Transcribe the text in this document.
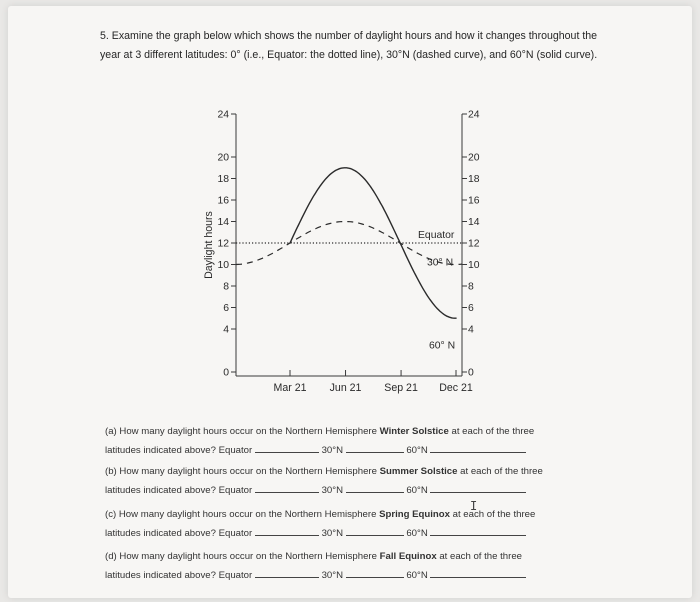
5. Examine the graph below which shows the number of daylight hours and how it changes throughout the year at 3 different latitudes: 0° (i.e., Equator: the dotted line), 30°N (dashed curve), and 60°N (solid curve).
0
4
6
8
10
12
14
16
18
20
24
0
4
6
8
10
12
14
16
18
20
24
Daylight hours
Mar 21 Jun 21 Sep 21 Dec 21
Equator
30° N
60° N
(a) How many daylight hours occur on the Northern Hemisphere Winter Solstice at each of the three
latitudes indicated above? Equator	30°N	60°N
(b) How many daylight hours occur on the Northern Hemisphere Summer Solstice at each of the three
latitudes indicated above? Equator	30°N	60°N
(c) How many daylight hours occur on the Northern Hemisphere Spring Equinox at each of the three
latitudes indicated above? Equator	30°N	60°N
(d) How many daylight hours occur on the Northern Hemisphere Fall Equinox at each of the three
latitudes indicated above? Equator	30°N	60°N
I
